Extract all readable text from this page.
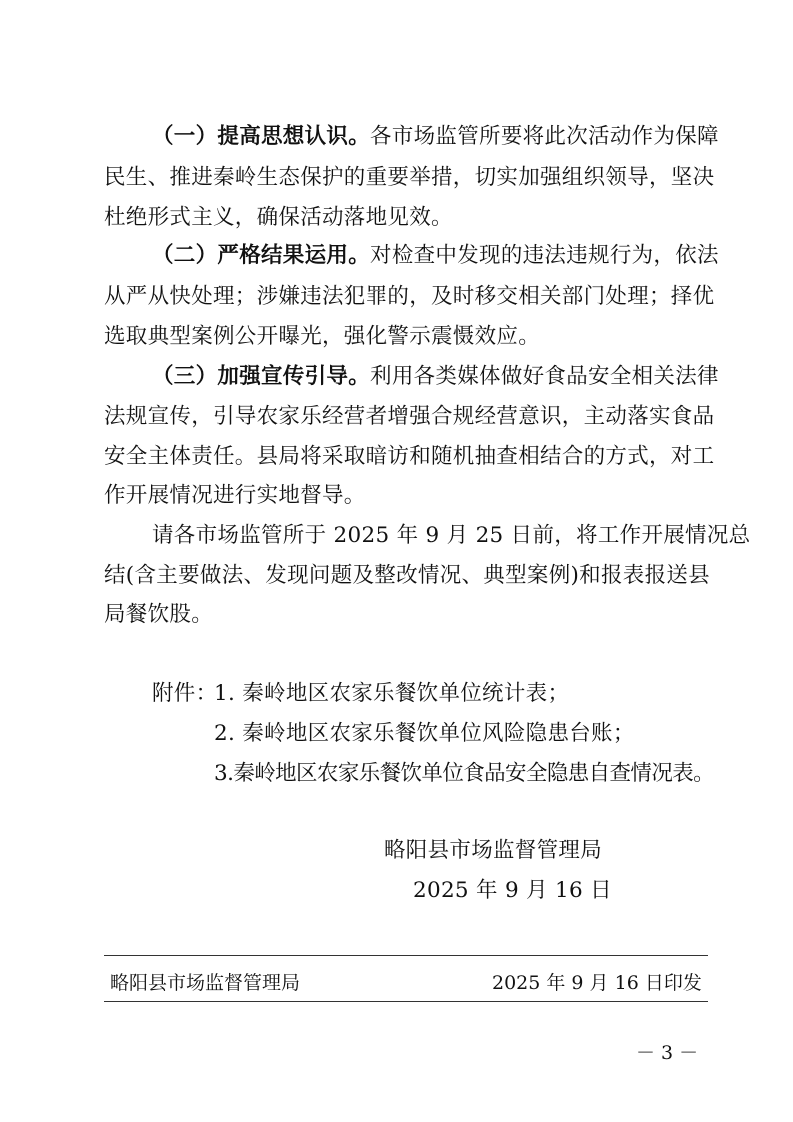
（一）提高思想认识。各市场监管所要将此次活动作为保障
民生、推进秦岭生态保护的重要举措，切实加强组织领导，坚决
杜绝形式主义，确保活动落地见效。
（二）严格结果运用。对检查中发现的违法违规行为，依法
从严从快处理；涉嫌违法犯罪的，及时移交相关部门处理；择优
选取典型案例公开曝光，强化警示震慑效应。
（三）加强宣传引导。利用各类媒体做好食品安全相关法律
法规宣传，引导农家乐经营者增强合规经营意识，主动落实食品
安全主体责任。县局将采取暗访和随机抽查相结合的方式，对工
作开展情况进行实地督导。
请各市场监管所于 2025 年 9 月 25 日前，将工作开展情况总
结(含主要做法、发现问题及整改情况、典型案例)和报表报送县
局餐饮股。
附件：
1. 秦岭地区农家乐餐饮单位统计表；
2. 秦岭地区农家乐餐饮单位风险隐患台账；
3.秦岭地区农家乐餐饮单位食品安全隐患自查情况表。
略阳县市场监督管理局
2025 年 9 月 16 日
略阳县市场监督管理局	2025 年 9 月 16 日印发
－ 3 －
